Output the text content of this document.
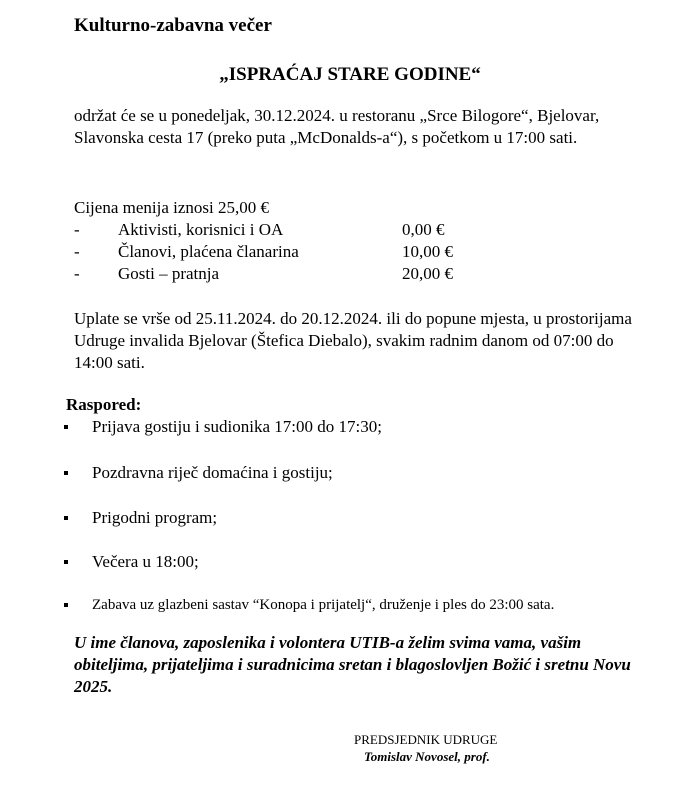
Kulturno-zabavna večer
„ISPRAĆAJ STARE GODINE“
održat će se u ponedeljak, 30.12.2024. u restoranu „Srce Bilogore“, Bjelovar, Slavonska cesta 17 (preko puta „McDonalds-a“), s početkom u 17:00 sati.
Cijena menija iznosi 25,00 €
- Aktivisti, korisnici i OA	0,00 €
- Članovi, plaćena članarina	10,00 €
- Gosti – pratnja	20,00 €
Uplate se vrše od 25.11.2024. do 20.12.2024. ili do popune mjesta, u prostorijama Udruge invalida Bjelovar (Štefica Diebalo), svakim radnim danom od 07:00 do 14:00 sati.
Raspored:
Prijava gostiju i sudionika 17:00 do 17:30;
Pozdravna riječ domaćina i gostiju;
Prigodni program;
Večera u 18:00;
Zabava uz glazbeni sastav “Konopa i prijatelj“, druženje i ples do 23:00 sata.
U ime članova, zaposlenika i volontera UTIB-a želim svima vama, vašim obiteljima, prijateljima i suradnicima sretan i blagoslovljen Božić i sretnu Novu 2025.
PREDSJEDNIK UDRUGE
Tomislav Novosel, prof.
